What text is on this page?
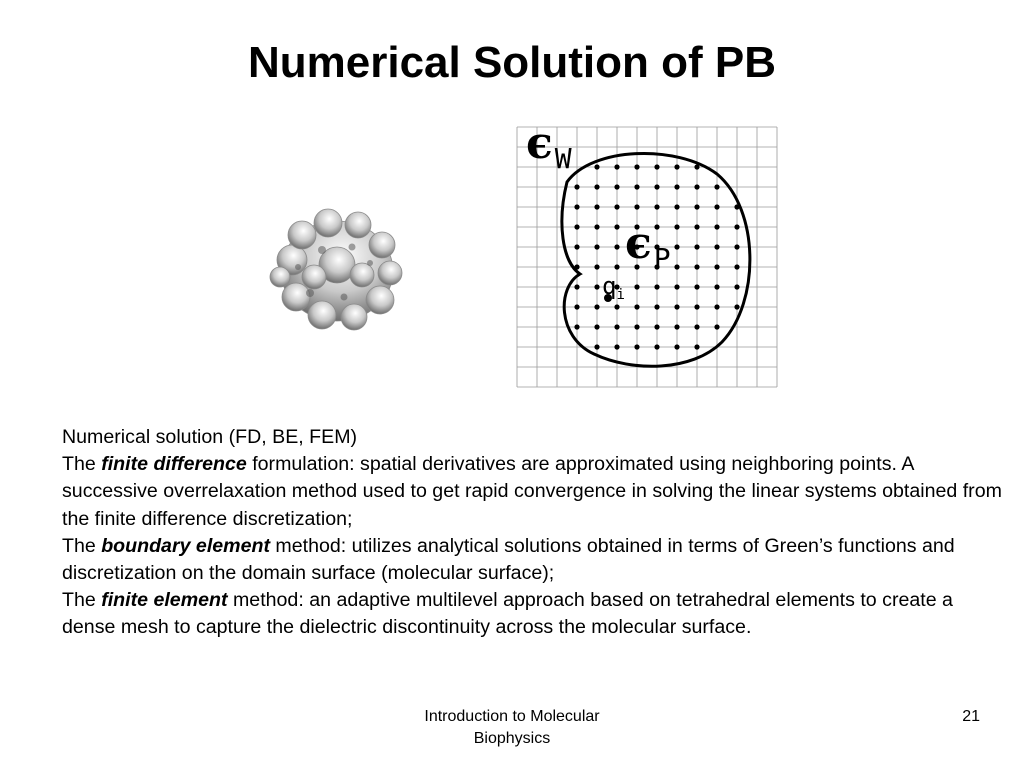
Numerical Solution of PB
ϵW
ϵP
qi

Numerical solution (FD, BE, FEM)

The finite difference formulation: spatial derivatives are approximated using neighboring points. A successive overrelaxation method used to get rapid convergence in solving the linear systems obtained from the finite difference discretization;

The boundary element method: utilizes analytical solutions obtained in terms of Green’s functions and discretization on the domain surface (molecular surface);

The finite element method: an adaptive multilevel approach based on tetrahedral elements to create a dense mesh to capture the dielectric discontinuity across the molecular surface.

Introduction to Molecular
Biophysics
21
